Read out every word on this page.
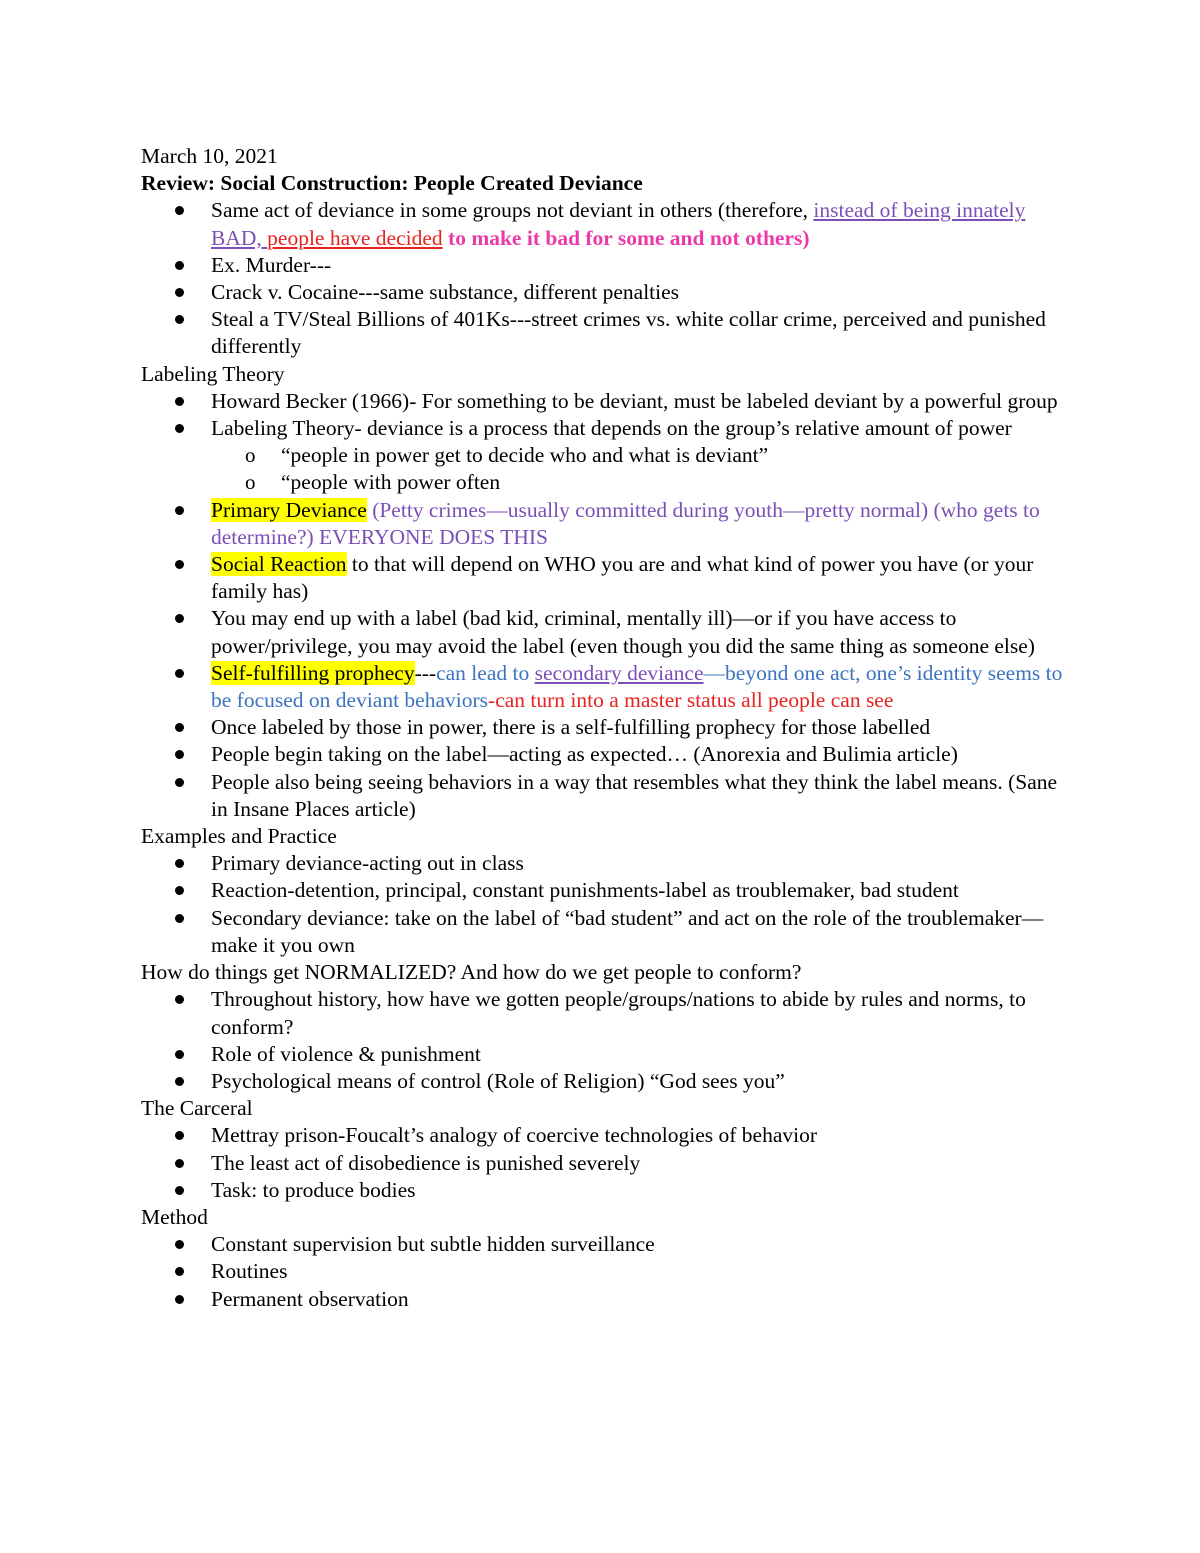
March 10, 2021

Review: Social Construction: People Created Deviance

Same act of deviance in some groups not deviant in others (therefore, instead of being innately BAD, people have decided to make it bad for some and not others)
Ex. Murder---
Crack v. Cocaine---same substance, different penalties
Steal a TV/Steal Billions of 401Ks---street crimes vs. white collar crime, perceived and punished differently

Labeling Theory

Howard Becker (1966)- For something to be deviant, must be labeled deviant by a powerful group
Labeling Theory- deviance is a process that depends on the group’s relative amount of power
o “people in power get to decide who and what is deviant”
o “people with power often
Primary Deviance (Petty crimes—usually committed during youth—pretty normal) (who gets to determine?) EVERYONE DOES THIS
Social Reaction to that will depend on WHO you are and what kind of power you have (or your family has)
You may end up with a label (bad kid, criminal, mentally ill)—or if you have access to power/privilege, you may avoid the label (even though you did the same thing as someone else)
Self-fulfilling prophecy---can lead to secondary deviance—beyond one act, one’s identity seems to be focused on deviant behaviors-can turn into a master status all people can see
Once labeled by those in power, there is a self-fulfilling prophecy for those labelled
People begin taking on the label—acting as expected… (Anorexia and Bulimia article)
People also being seeing behaviors in a way that resembles what they think the label means. (Sane in Insane Places article)

Examples and Practice

Primary deviance-acting out in class
Reaction-detention, principal, constant punishments-label as troublemaker, bad student
Secondary deviance: take on the label of “bad student” and act on the role of the troublemaker—make it you own

How do things get NORMALIZED? And how do we get people to conform?

Throughout history, how have we gotten people/groups/nations to abide by rules and norms, to conform?
Role of violence & punishment
Psychological means of control (Role of Religion) “God sees you”

The Carceral

Mettray prison-Foucalt’s analogy of coercive technologies of behavior
The least act of disobedience is punished severely
Task: to produce bodies

Method

Constant supervision but subtle hidden surveillance
Routines
Permanent observation
